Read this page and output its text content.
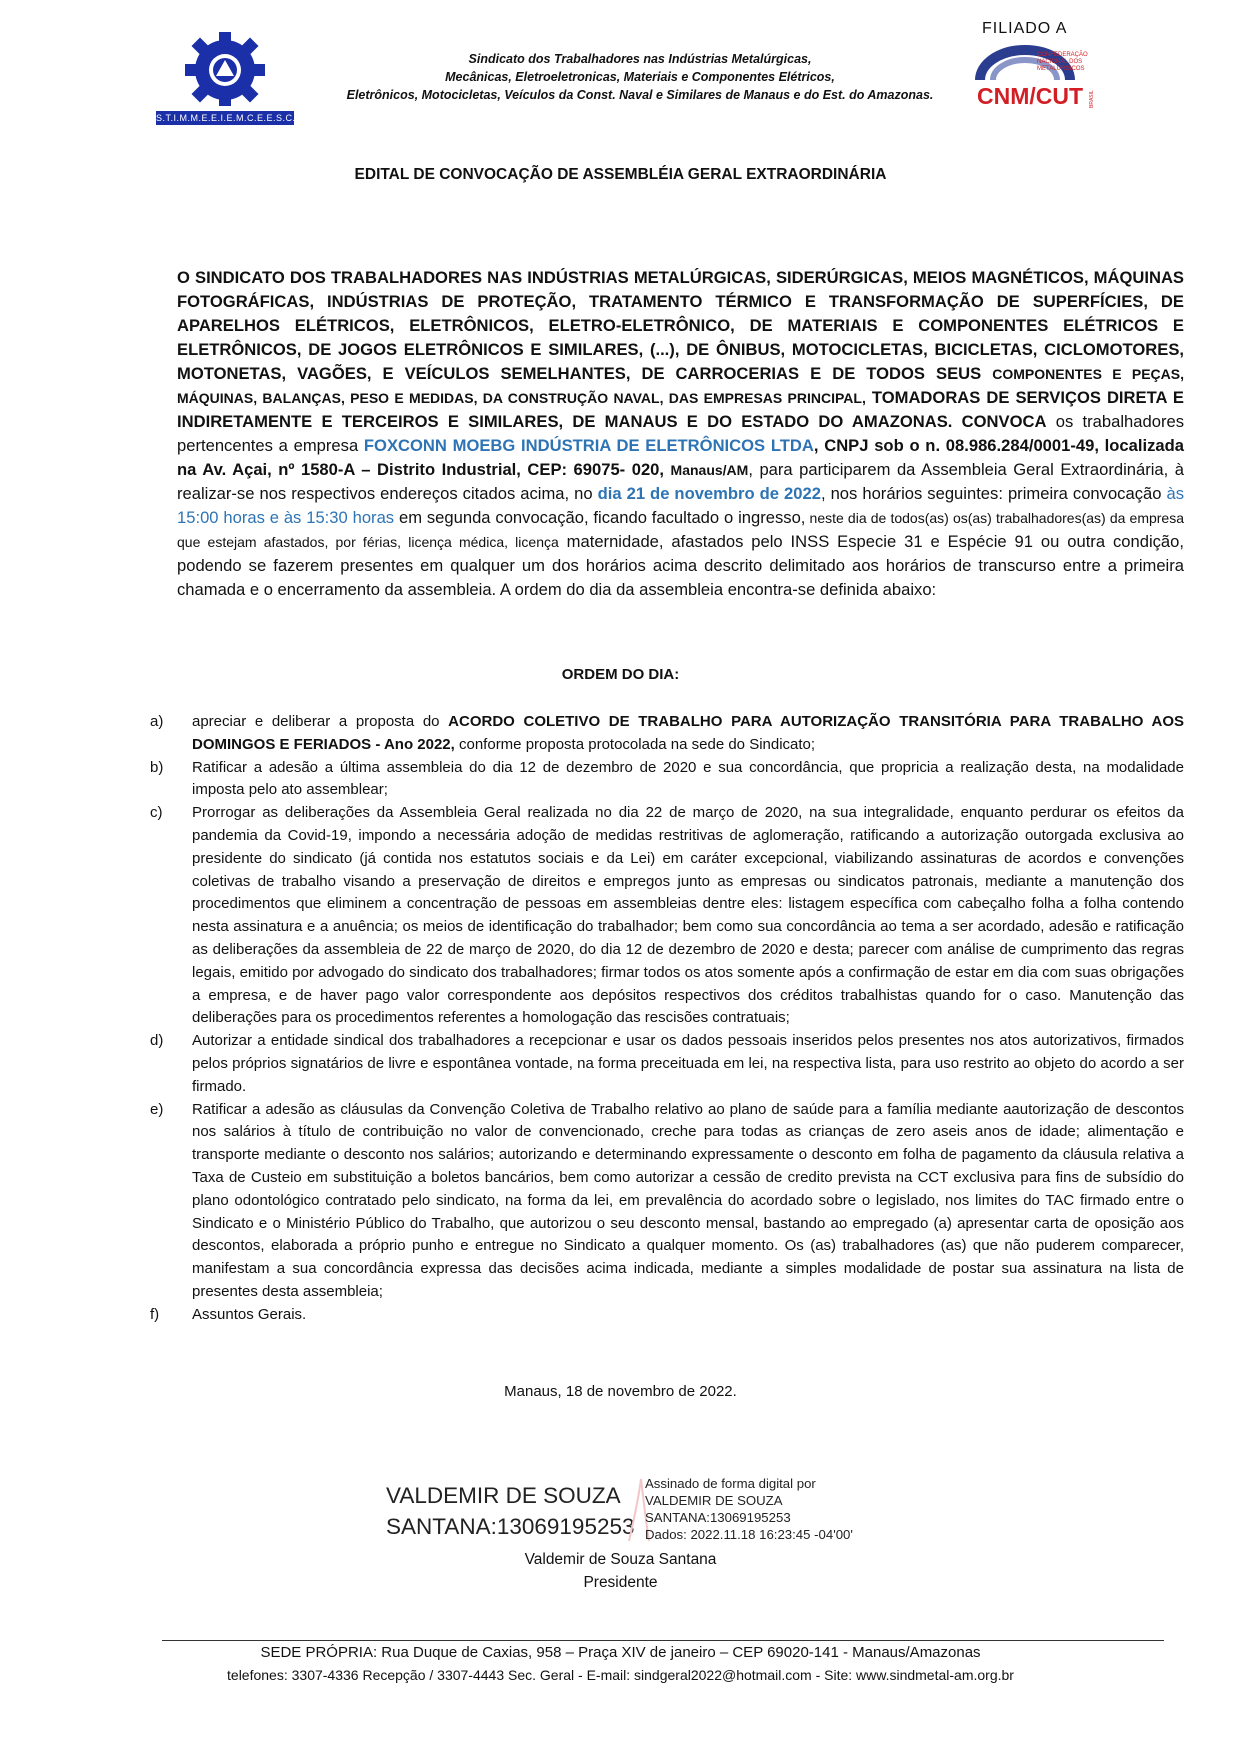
S.T.I.M.M.E.E.I.E.M.C.E.E.S.C.N.A.
Sindicato dos Trabalhadores nas Indústrias Metalúrgicas,
Mecânicas, Eletroeletronicas, Materiais e Componentes Elétricos,
Eletrônicos, Motocicletas, Veículos da Const. Naval e Similares de Manaus e do Est. do Amazonas.
FILIADO A
CONFEDERAÇÃO
NACIONAL DOS
METALÚRGICOS
CNM/CUT BRASIL
EDITAL DE CONVOCAÇÃO DE ASSEMBLÉIA GERAL EXTRAORDINÁRIA
O SINDICATO DOS TRABALHADORES NAS INDÚSTRIAS METALÚRGICAS, SIDERÚRGICAS, MEIOS MAGNÉTICOS, MÁQUINAS FOTOGRÁFICAS, INDÚSTRIAS DE PROTEÇÃO, TRATAMENTO TÉRMICO E TRANSFORMAÇÃO DE SUPERFÍCIES, DE APARELHOS ELÉTRICOS, ELETRÔNICOS, ELETRO-ELETRÔNICO, DE MATERIAIS E COMPONENTES ELÉTRICOS E ELETRÔNICOS, DE JOGOS ELETRÔNICOS E SIMILARES, (...), DE ÔNIBUS, MOTOCICLETAS, BICICLETAS, CICLOMOTORES, MOTONETAS, VAGÕES, E VEÍCULOS SEMELHANTES, DE CARROCERIAS E DE TODOS SEUS COMPONENTES E PEÇAS, MÁQUINAS, BALANÇAS, PESO E MEDIDAS, DA CONSTRUÇÃO NAVAL, DAS EMPRESAS PRINCIPAL, TOMADORAS DE SERVIÇOS DIRETA E INDIRETAMENTE E TERCEIROS E SIMILARES, DE MANAUS E DO ESTADO DO AMAZONAS. CONVOCA os trabalhadores pertencentes a empresa FOXCONN MOEBG INDÚSTRIA DE ELETRÔNICOS LTDA, CNPJ sob o n. 08.986.284/0001-49, localizada na Av. Açai, nº 1580-A – Distrito Industrial, CEP: 69075- 020, Manaus/AM, para participarem da Assembleia Geral Extraordinária, à realizar-se nos respectivos endereços citados acima, no dia 21 de novembro de 2022, nos horários seguintes: primeira convocação às 15:00 horas e às 15:30 horas em segunda convocação, ficando facultado o ingresso, neste dia de todos(as) os(as) trabalhadores(as) da empresa que estejam afastados, por férias, licença médica, licença maternidade, afastados pelo INSS Especie 31 e Espécie 91 ou outra condição, podendo se fazerem presentes em qualquer um dos horários acima descrito delimitado aos horários de transcurso entre a primeira chamada e o encerramento da assembleia. A ordem do dia da assembleia encontra-se definida abaixo:
ORDEM DO DIA:
a)	apreciar e deliberar a proposta do ACORDO COLETIVO DE TRABALHO PARA AUTORIZAÇÃO TRANSITÓRIA PARA TRABALHO AOS DOMINGOS E FERIADOS - Ano 2022, conforme proposta protocolada na sede do Sindicato;
b)	Ratificar a adesão a última assembleia do dia 12 de dezembro de 2020 e sua concordância, que propricia a realização desta, na modalidade imposta pelo ato assemblear;
c)	Prorrogar as deliberações da Assembleia Geral realizada no dia 22 de março de 2020, na sua integralidade, enquanto perdurar os efeitos da pandemia da Covid-19, impondo a necessária adoção de medidas restritivas de aglomeração, ratificando a autorização outorgada exclusiva ao presidente do sindicato (já contida nos estatutos sociais e da Lei) em caráter excepcional, viabilizando assinaturas de acordos e convenções coletivas de trabalho visando a preservação de direitos e empregos junto as empresas ou sindicatos patronais, mediante a manutenção dos procedimentos que eliminem a concentração de pessoas em assembleias dentre eles: listagem específica com cabeçalho folha a folha contendo nesta assinatura e a anuência; os meios de identificação do trabalhador; bem como sua concordância ao tema a ser acordado, adesão e ratificação as deliberações da assembleia de 22 de março de 2020, do dia 12 de dezembro de 2020 e desta; parecer com análise de cumprimento das regras legais, emitido por advogado do sindicato dos trabalhadores; firmar todos os atos somente após a confirmação de estar em dia com suas obrigações a empresa, e de haver pago valor correspondente aos depósitos respectivos dos créditos trabalhistas quando for o caso. Manutenção das deliberações para os procedimentos referentes a homologação das rescisões contratuais;
d)	Autorizar a entidade sindical dos trabalhadores a recepcionar e usar os dados pessoais inseridos pelos presentes nos atos autorizativos, firmados pelos próprios signatários de livre e espontânea vontade, na forma preceituada em lei, na respectiva lista, para uso restrito ao objeto do acordo a ser firmado.
e)	Ratificar a adesão as cláusulas da Convenção Coletiva de Trabalho relativo ao plano de saúde para a família mediante aautorização de descontos nos salários à título de contribuição no valor de convencionado, creche para todas as crianças de zero aseis anos de idade; alimentação e transporte mediante o desconto nos salários; autorizando e determinando expressamente o desconto em folha de pagamento da cláusula relativa a Taxa de Custeio em substituição a boletos bancários, bem como autorizar a cessão de credito prevista na CCT exclusiva para fins de subsídio do plano odontológico contratado pelo sindicato, na forma da lei, em prevalência do acordado sobre o legislado, nos limites do TAC firmado entre o Sindicato e o Ministério Público do Trabalho, que autorizou o seu desconto mensal, bastando ao empregado (a) apresentar carta de oposição aos descontos, elaborada a próprio punho e entregue no Sindicato a qualquer momento. Os (as) trabalhadores (as) que não puderem comparecer, manifestam a sua concordância expressa das decisões acima indicada, mediante a simples modalidade de postar sua assinatura na lista de presentes desta assembleia;
f)	Assuntos Gerais.
Manaus, 18 de novembro de 2022.
VALDEMIR DE SOUZA
SANTANA:13069195253
Assinado de forma digital por
VALDEMIR DE SOUZA
SANTANA:13069195253
Dados: 2022.11.18 16:23:45 -04'00'
Valdemir de Souza Santana
Presidente
SEDE PRÓPRIA: Rua Duque de Caxias, 958 – Praça XIV de janeiro – CEP 69020-141 - Manaus/Amazonas
telefones: 3307-4336 Recepção / 3307-4443 Sec. Geral - E-mail: sindgeral2022@hotmail.com - Site: www.sindmetal-am.org.br
